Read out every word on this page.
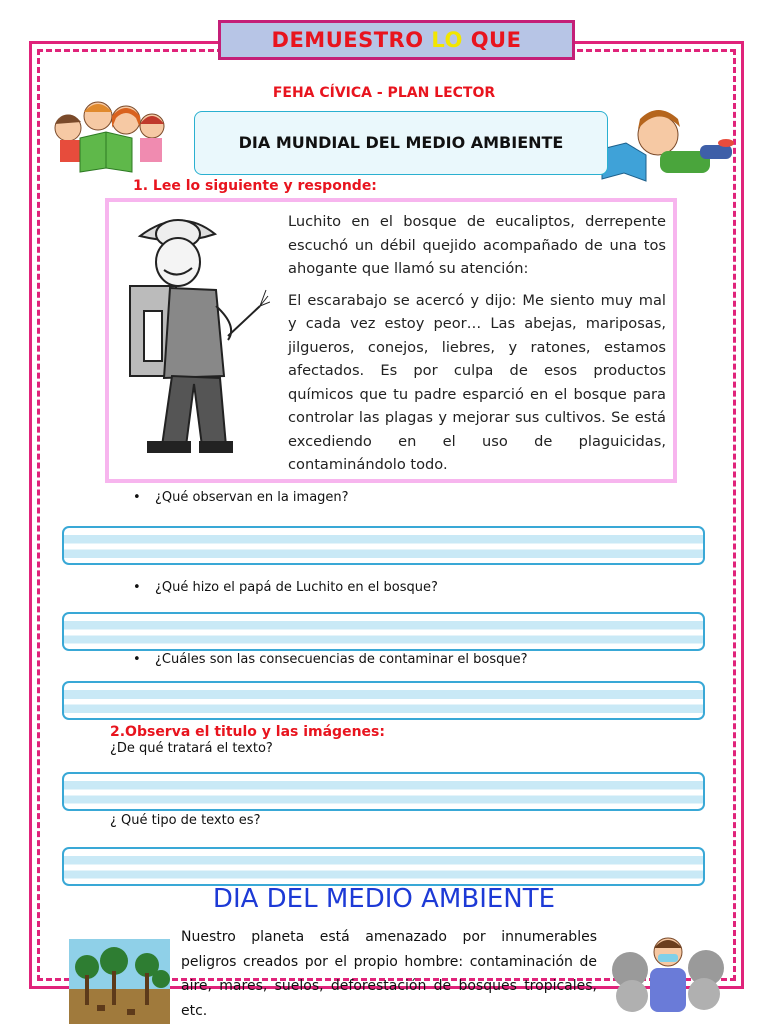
DEMUESTRO LO QUE
FEHA CÍVICA - PLAN LECTOR
DIA MUNDIAL DEL MEDIO AMBIENTE
1. Lee lo siguiente y responde:

Luchito en el bosque de eucaliptos, derrepente escuchó un débil quejido acompañado de una tos ahogante que llamó su atención:

El escarabajo se acercó y dijo: Me siento muy mal y cada vez estoy peor… Las abejas, mariposas, jilgueros, conejos, liebres, y ratones, estamos afectados. Es por culpa de esos productos químicos que tu padre esparció en el bosque para controlar las plagas y mejorar sus cultivos. Se está excediendo en el uso de plaguicidas, contaminándolo todo.

• ¿Qué observan en la imagen?
• ¿Qué hizo el papá de Luchito en el bosque?
• ¿Cuáles son las consecuencias de contaminar el bosque?
2.Observa el titulo y las imágenes:
¿De qué tratará el texto?
¿ Qué tipo de texto es?
DIA DEL MEDIO AMBIENTE
Nuestro planeta está amenazado por innumerables peligros creados por el propio hombre: contaminación de aire, mares, suelos, deforestación de bosques tropicales, etc.
